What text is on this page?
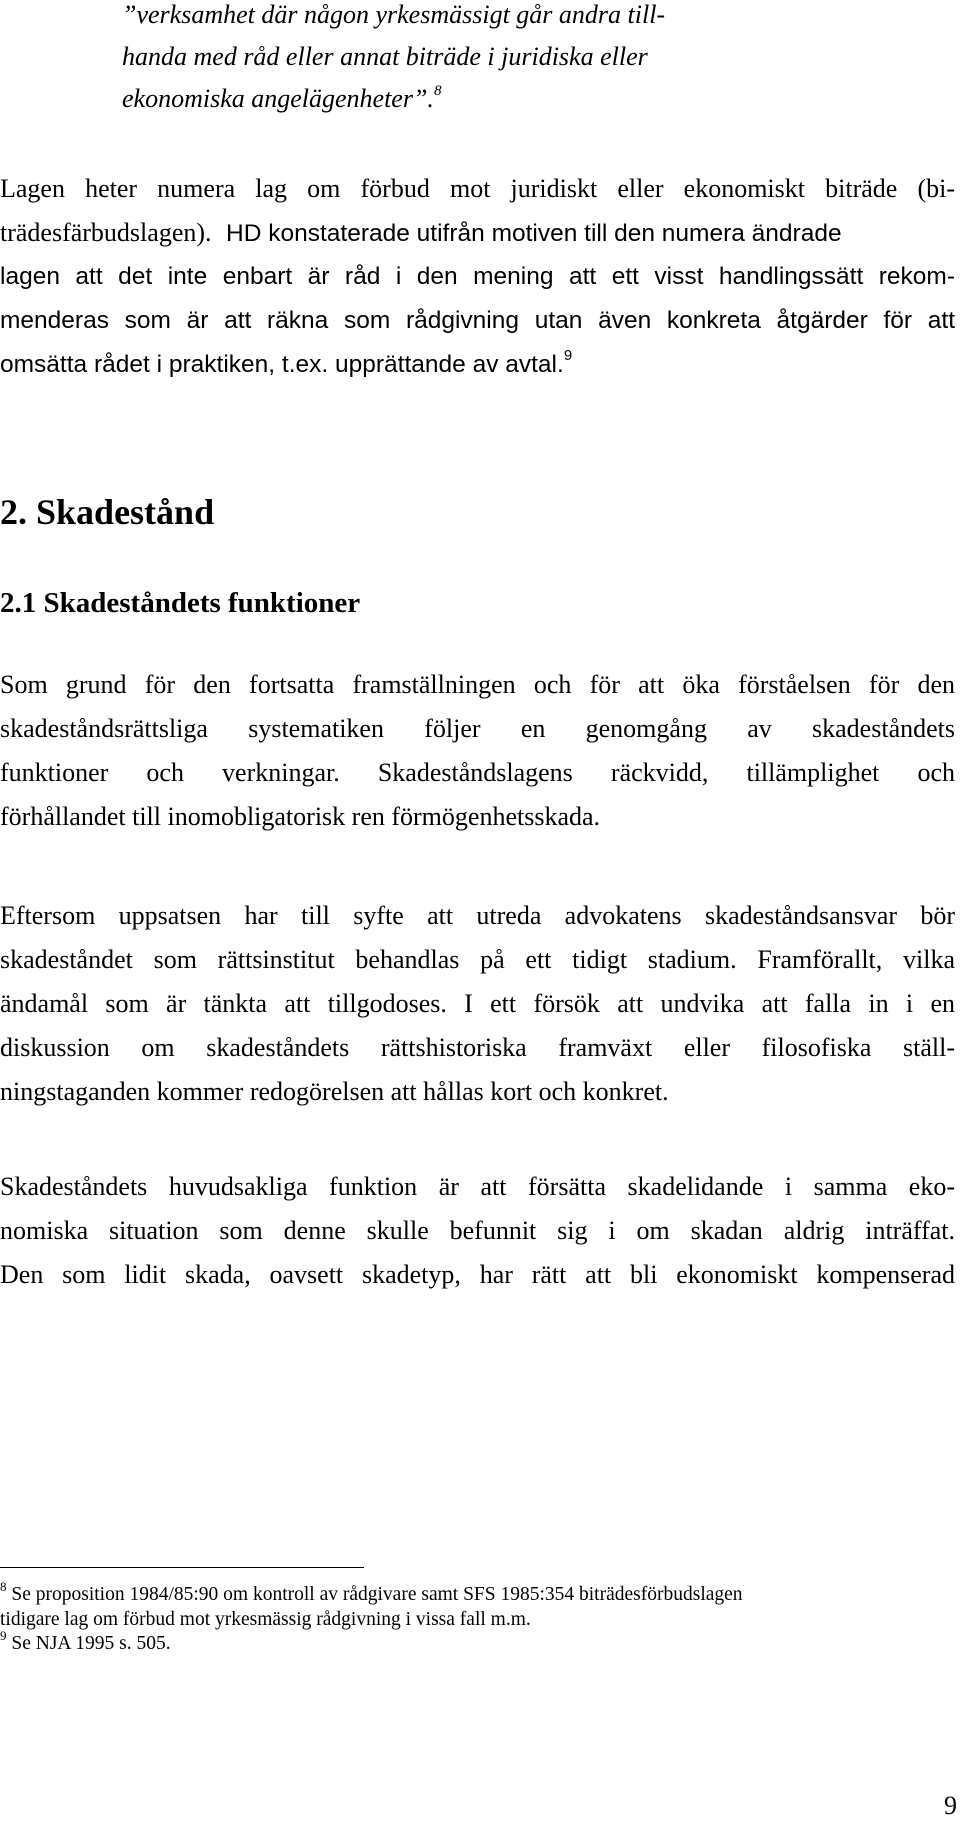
”verksamhet där någon yrkesmässigt går andra till-
handa med råd eller annat biträde i juridiska eller
ekonomiska angelägenheter”.$^8$
Lagen heter numera lag om förbud mot juridiskt eller ekonomiskt biträde (bi-
trädesfärbudslagen). HD konstaterade utifrån motiven till den numera ändrade
lagen att det inte enbart är råd i den mening att ett visst handlingssätt rekom-
menderas som är att räkna som rådgivning utan även konkreta åtgärder för att
omsätta rådet i praktiken, t.ex. upprättande av avtal.$^9$
2. Skadestånd
2.1 Skadeståndets funktioner
Som grund för den fortsatta framställningen och för att öka förståelsen för den
skadeståndsrättsliga systematiken följer en genomgång av skadeståndets
funktioner och verkningar. Skadeståndslagens räckvidd, tillämplighet och
förhållandet till inomobligatorisk ren förmögenhetsskada.
Eftersom uppsatsen har till syfte att utreda advokatens skadeståndsansvar bör
skadeståndet som rättsinstitut behandlas på ett tidigt stadium. Framförallt, vilka
ändamål som är tänkta att tillgodoses. I ett försök att undvika att falla in i en
diskussion om skadeståndets rättshistoriska framväxt eller filosofiska ställ-
ningstaganden kommer redogörelsen att hållas kort och konkret.
Skadeståndets huvudsakliga funktion är att försätta skadelidande i samma eko-
nomiska situation som denne skulle befunnit sig i om skadan aldrig inträffat.
Den som lidit skada, oavsett skadetyp, har rätt att bli ekonomiskt kompenserad
$^8$ Se proposition 1984/85:90 om kontroll av rådgivare samt SFS 1985:354 biträdesförbudslagen
tidigare lag om förbud mot yrkesmässig rådgivning i vissa fall m.m.
$^9$ Se NJA 1995 s. 505.
9
